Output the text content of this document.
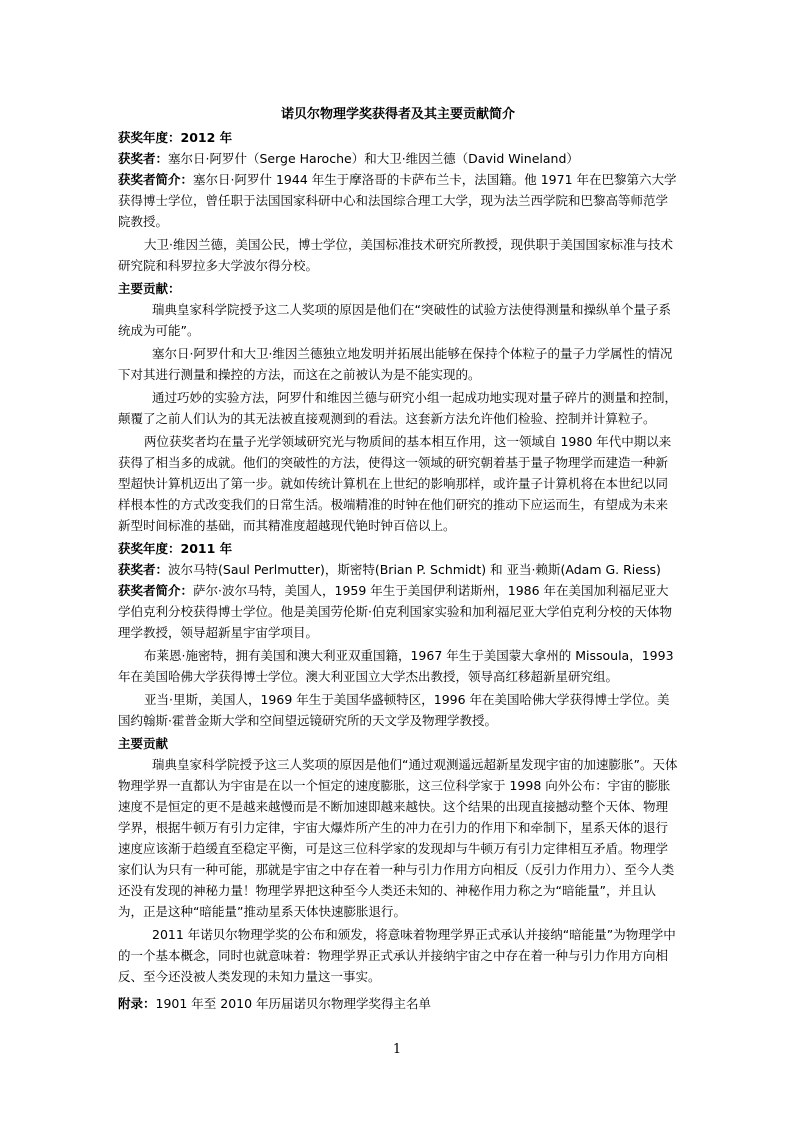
诺贝尔物理学奖获得者及其主要贡献简介

获奖年度：2012 年

获奖者：塞尔日·阿罗什（Serge Haroche）和大卫·维因兰德（David Wineland）

获奖者简介：塞尔日·阿罗什 1944 年生于摩洛哥的卡萨布兰卡，法国籍。他 1971 年在巴黎第六大学获得博士学位，曾任职于法国国家科研中心和法国综合理工大学，现为法兰西学院和巴黎高等师范学院教授。

大卫·维因兰德，美国公民，博士学位，美国标准技术研究所教授，现供职于美国国家标准与技术研究院和科罗拉多大学波尔得分校。

主要贡献：

瑞典皇家科学院授予这二人奖项的原因是他们在“突破性的试验方法使得测量和操纵单个量子系统成为可能”。

塞尔日·阿罗什和大卫·维因兰德独立地发明并拓展出能够在保持个体粒子的量子力学属性的情况下对其进行测量和操控的方法，而这在之前被认为是不能实现的。

通过巧妙的实验方法，阿罗什和维因兰德与研究小组一起成功地实现对量子碎片的测量和控制，颠覆了之前人们认为的其无法被直接观测到的看法。这套新方法允许他们检验、控制并计算粒子。

两位获奖者均在量子光学领域研究光与物质间的基本相互作用，这一领域自 1980 年代中期以来获得了相当多的成就。他们的突破性的方法，使得这一领域的研究朝着基于量子物理学而建造一种新型超快计算机迈出了第一步。就如传统计算机在上世纪的影响那样，或许量子计算机将在本世纪以同样根本性的方式改变我们的日常生活。极端精准的时钟在他们研究的推动下应运而生，有望成为未来新型时间标准的基础，而其精准度超越现代铯时钟百倍以上。

获奖年度：2011 年

获奖者：波尔马特(Saul Perlmutter)，斯密特(Brian P. Schmidt) 和 亚当·赖斯(Adam G. Riess)

获奖者简介：萨尔·波尔马特，美国人，1959 年生于美国伊利诺斯州，1986 年在美国加利福尼亚大学伯克利分校获得博士学位。他是美国劳伦斯·伯克利国家实验和加利福尼亚大学伯克利分校的天体物理学教授，领导超新星宇宙学项目。

布莱恩·施密特，拥有美国和澳大利亚双重国籍，1967 年生于美国蒙大拿州的 Missoula，1993 年在美国哈佛大学获得博士学位。澳大利亚国立大学杰出教授，领导高红移超新星研究组。

亚当·里斯，美国人，1969 年生于美国华盛顿特区，1996 年在美国哈佛大学获得博士学位。美国约翰斯·霍普金斯大学和空间望远镜研究所的天文学及物理学教授。

主要贡献

瑞典皇家科学院授予这三人奖项的原因是他们“通过观测遥远超新星发现宇宙的加速膨胀”。天体物理学界一直都认为宇宙是在以一个恒定的速度膨胀，这三位科学家于 1998 向外公布：宇宙的膨胀速度不是恒定的更不是越来越慢而是不断加速即越来越快。这个结果的出现直接撼动整个天体、物理学界，根据牛顿万有引力定律，宇宙大爆炸所产生的冲力在引力的作用下和牵制下，星系天体的退行速度应该渐于趋缓直至稳定平衡，可是这三位科学家的发现却与牛顿万有引力定律相互矛盾。物理学家们认为只有一种可能，那就是宇宙之中存在着一种与引力作用方向相反（反引力作用力）、至今人类还没有发现的神秘力量！物理学界把这种至今人类还未知的、神秘作用力称之为“暗能量”，并且认为，正是这种“暗能量”推动星系天体快速膨胀退行。

2011 年诺贝尔物理学奖的公布和颁发，将意味着物理学界正式承认并接纳“暗能量”为物理学中的一个基本概念，同时也就意味着：物理学界正式承认并接纳宇宙之中存在着一种与引力作用方向相反、至今还没被人类发现的未知力量这一事实。

附录：1901 年至 2010 年历届诺贝尔物理学奖得主名单

1
